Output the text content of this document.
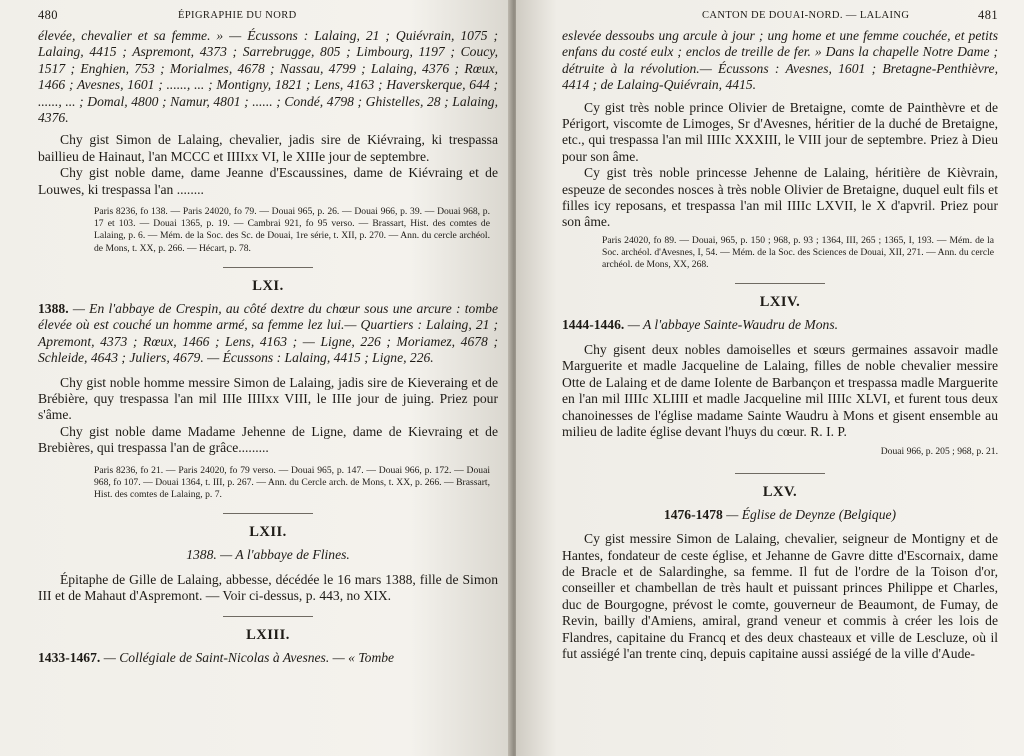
480	ÉPIGRAPHIE DU NORD

élevée, chevalier et sa femme. » — Écussons : Lalaing, 21 ; Quiévrain, 1075 ; Lalaing, 4415 ; Aspremont, 4373 ; Sarrebrugge, 805 ; Limbourg, 1197 ; Coucy, 1517 ; Enghien, 753 ; Morialmes, 4678 ; Nassau, 4799 ; Lalaing, 4376 ; Rœux, 1466 ; Avesnes, 1601 ; ......, ... ; Montigny, 1821 ; Lens, 4163 ; Haverskerque, 644 ; ......, ... ; Domal, 4800 ; Namur, 4801 ; ...... ; Condé, 4798 ; Ghistelles, 28 ; Lalaing, 4376.

Chy gist Simon de Lalaing, chevalier, jadis sire de Kiévraing, ki trespassa baillieu de Hainaut, l'an MCCC et IIIIxx VI, le XIIIe jour de septembre.

Chy gist noble dame, dame Jeanne d'Escaussines, dame de Kiévraing et de Louwes, ki trespassa l'an ........

Paris 8236, fo 138. — Paris 24020, fo 79. — Douai 965, p. 26. — Douai 966, p. 39. — Douai 968, p. 17 et 103. — Douai 1365, p. 19. — Cambrai 921, fo 95 verso. — Brassart, Hist. des comtes de Lalaing, p. 6. — Mém. de la Soc. des Sc. de Douai, 1re série, t. XII, p. 270. — Ann. du cercle archéol. de Mons, t. XX, p. 266. — Hécart, p. 78.

LXI.

1388. — En l'abbaye de Crespin, au côté dextre du chœur sous une arcure : tombe élevée où est couché un homme armé, sa femme lez lui.— Quartiers : Lalaing, 21 ; Apremont, 4373 ; Rœux, 1466 ; Lens, 4163 ; — Ligne, 226 ; Moriamez, 4678 ; Schleide, 4643 ; Juliers, 4679. — Écussons : Lalaing, 4415 ; Ligne, 226.

Chy gist noble homme messire Simon de Lalaing, jadis sire de Kieveraing et de Brébière, quy trespassa l'an mil IIIe IIIIxx VIII, le IIIe jour de juing. Priez pour s'âme.

Chy gist noble dame Madame Jehenne de Ligne, dame de Kievraing et de Brebières, qui trespassa l'an de grâce.........

Paris 8236, fo 21. — Paris 24020, fo 79 verso. — Douai 965, p. 147. — Douai 966, p. 172. — Douai 968, fo 107. — Douai 1364, t. III, p. 267. — Ann. du Cercle arch. de Mons, t. XX, p. 266. — Brassart, Hist. des comtes de Lalaing, p. 7.

LXII.

1388. — A l'abbaye de Flines.

Épitaphe de Gille de Lalaing, abbesse, décédée le 16 mars 1388, fille de Simon III et de Mahaut d'Aspremont. — Voir ci-dessus, p. 443, no XIX.

LXIII.

1433-1467. — Collégiale de Saint-Nicolas à Avesnes. — « Tombe

CANTON DE DOUAI-NORD. — LALAING	481

eslevée dessoubs ung arcule à jour ; ung home et une femme couchée, et petits enfans du costé eulx ; enclos de treille de fer. » Dans la chapelle Notre Dame ; détruite à la révolution.— Écussons : Avesnes, 1601 ; Bretagne-Penthièvre, 4414 ; de Lalaing-Quiévrain, 4415.

Cy gist très noble prince Olivier de Bretaigne, comte de Painthèvre et de Périgort, viscomte de Limoges, Sr d'Avesnes, héritier de la duché de Bretaigne, etc., qui trespassa l'an mil IIIIc XXXIII, le VIII jour de septembre. Priez à Dieu pour son âme.

Cy gist très noble princesse Jehenne de Lalaing, héritière de Kièvrain, espeuze de secondes nosces à très noble Olivier de Bretaigne, duquel eult fils et filles icy reposans, et trespassa l'an mil IIIIc LXVII, le X d'apvril. Priez pour son âme.

Paris 24020, fo 89. — Douai, 965, p. 150 ; 968, p. 93 ; 1364, III, 265 ; 1365, I, 193. — Mém. de la Soc. archéol. d'Avesnes, I, 54. — Mém. de la Soc. des Sciences de Douai, XII, 271. — Ann. du cercle archéol. de Mons, XX, 268.

LXIV.

1444-1446. — A l'abbaye Sainte-Waudru de Mons.

Chy gisent deux nobles damoiselles et sœurs germaines assavoir madle Marguerite et madle Jacqueline de Lalaing, filles de noble chevalier messire Otte de Lalaing et de dame Iolente de Barbançon et trespassa madle Marguerite en l'an mil IIIIc XLIIII et madle Jacqueline mil IIIIc XLVI, et furent tous deux chanoinesses de l'église madame Sainte Waudru à Mons et gisent ensemble au milieu de ladite église devant l'huys du cœur. R. I. P.

Douai 966, p. 205 ; 968, p. 21.

LXV.

1476-1478 — Église de Deynze (Belgique)

Cy gist messire Simon de Lalaing, chevalier, seigneur de Montigny et de Hantes, fondateur de ceste église, et Jehanne de Gavre ditte d'Escornaix, dame de Bracle et de Salardinghe, sa femme. Il fut de l'ordre de la Toison d'or, conseiller et chambellan de très hault et puissant princes Philippe et Charles, duc de Bourgogne, prévost le comte, gouverneur de Beaumont, de Fumay, de Revin, bailly d'Amiens, amiral, grand veneur et commis à créer les lois de Flandres, capitaine du Francq et des deux chasteaux et ville de Lescluze, où il fut assiégé l'an trente cinq, depuis capitaine aussi assiégé de la ville d'Aude-
